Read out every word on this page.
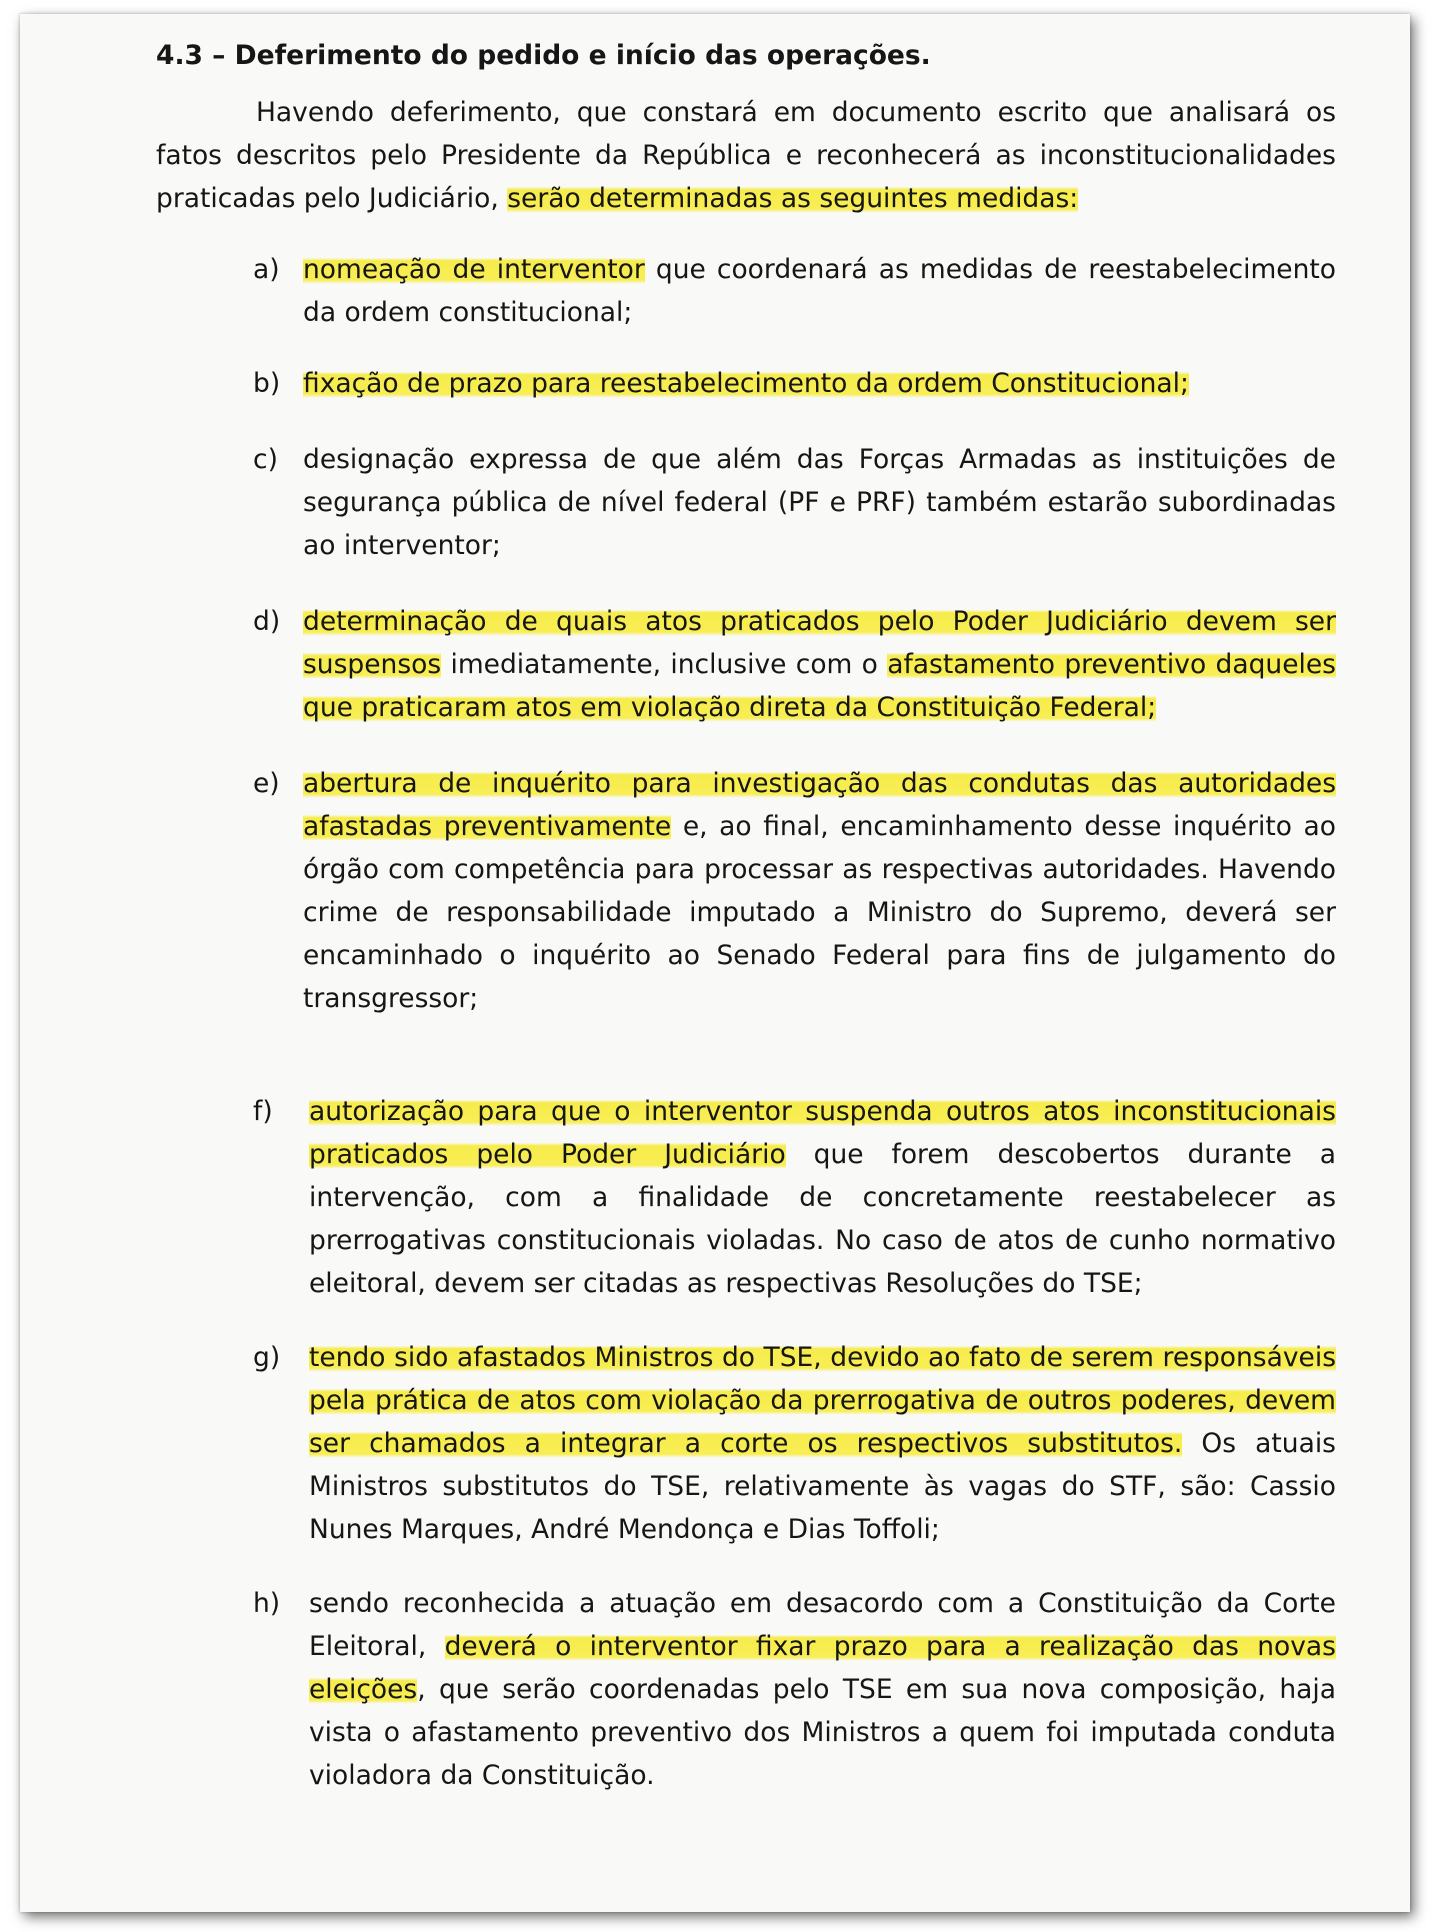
4.3 – Deferimento do pedido e início das operações.

Havendo deferimento, que constará em documento escrito que analisará os fatos descritos pelo Presidente da República e reconhecerá as inconstitucionalidades praticadas pelo Judiciário, serão determinadas as seguintes medidas:

a) nomeação de interventor que coordenará as medidas de reestabelecimento da ordem constitucional;

b) fixação de prazo para reestabelecimento da ordem Constitucional;

c) designação expressa de que além das Forças Armadas as instituições de segurança pública de nível federal (PF e PRF) também estarão subordinadas ao interventor;

d) determinação de quais atos praticados pelo Poder Judiciário devem ser suspensos imediatamente, inclusive com o afastamento preventivo daqueles que praticaram atos em violação direta da Constituição Federal;

e) abertura de inquérito para investigação das condutas das autoridades afastadas preventivamente e, ao final, encaminhamento desse inquérito ao órgão com competência para processar as respectivas autoridades. Havendo crime de responsabilidade imputado a Ministro do Supremo, deverá ser encaminhado o inquérito ao Senado Federal para fins de julgamento do transgressor;

f) autorização para que o interventor suspenda outros atos inconstitucionais praticados pelo Poder Judiciário que forem descobertos durante a intervenção, com a finalidade de concretamente reestabelecer as prerrogativas constitucionais violadas. No caso de atos de cunho normativo eleitoral, devem ser citadas as respectivas Resoluções do TSE;

g) tendo sido afastados Ministros do TSE, devido ao fato de serem responsáveis pela prática de atos com violação da prerrogativa de outros poderes, devem ser chamados a integrar a corte os respectivos substitutos. Os atuais Ministros substitutos do TSE, relativamente às vagas do STF, são: Cassio Nunes Marques, André Mendonça e Dias Toffoli;

h) sendo reconhecida a atuação em desacordo com a Constituição da Corte Eleitoral, deverá o interventor fixar prazo para a realização das novas eleições, que serão coordenadas pelo TSE em sua nova composição, haja vista o afastamento preventivo dos Ministros a quem foi imputada conduta violadora da Constituição.
